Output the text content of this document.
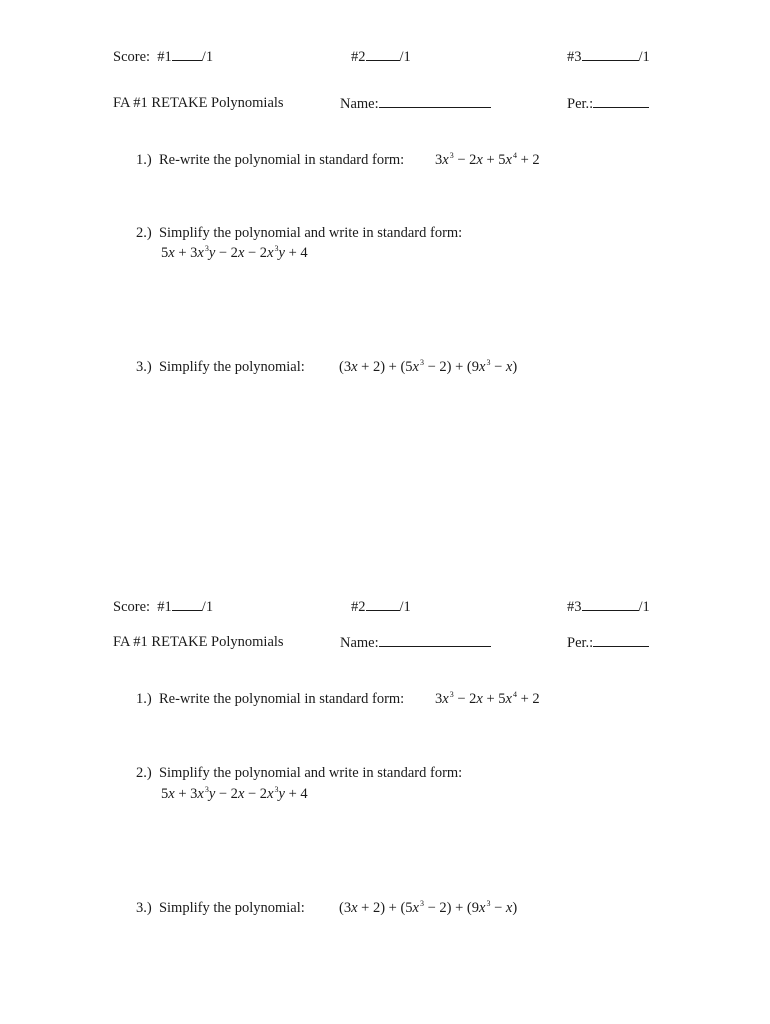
Score: #1 /1	#2 /1	#3	/1
FA #1 RETAKE Polynomials	Name:	Per.:
1.) Re-write the polynomial in standard form: $3x^3 - 2x + 5x^4 + 2$
2.) Simplify the polynomial and write in standard form:
$5x + 3x^3y - 2x - 2x^3y + 4$
3.) Simplify the polynomial: $(3x + 2) + (5x^3 - 2) + (9x^3 - x)$
Score: #1 /1	#2 /1	#3	/1
FA #1 RETAKE Polynomials	Name:	Per.:
1.) Re-write the polynomial in standard form: $3x^3 - 2x + 5x^4 + 2$
2.) Simplify the polynomial and write in standard form:
$5x + 3x^3y - 2x - 2x^3y + 4$
3.) Simplify the polynomial: $(3x + 2) + (5x^3 - 2) + (9x^3 - x)$
